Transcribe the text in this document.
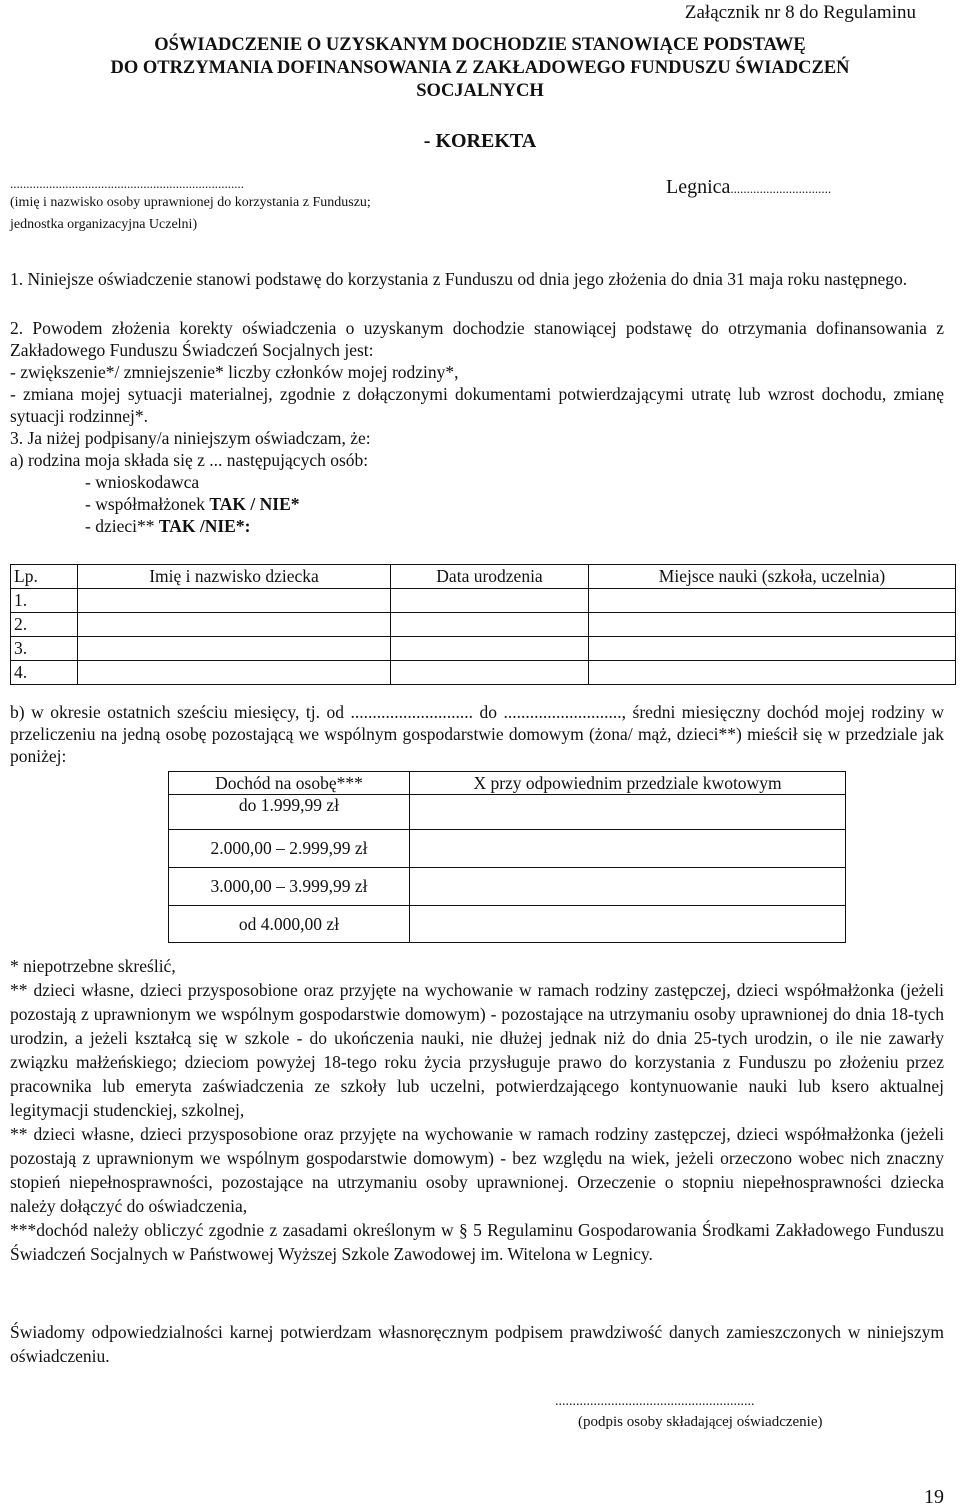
Załącznik nr 8 do Regulaminu
OŚWIADCZENIE O UZYSKANYM DOCHODZIE STANOWIĄCE PODSTAWĘ
DO OTRZYMANIA DOFINANSOWANIA Z ZAKŁADOWEGO FUNDUSZU ŚWIADCZEŃ
SOCJALNYCH
- KOREKTA
........................................................................
(imię i nazwisko osoby uprawnionej do korzystania z Funduszu;
jednostka organizacyjna Uczelni)
Legnica...............................
1. Niniejsze oświadczenie stanowi podstawę do korzystania z Funduszu od dnia jego złożenia do dnia 31 maja roku następnego.
2. Powodem złożenia korekty oświadczenia o uzyskanym dochodzie stanowiącej podstawę do otrzymania dofinansowania z Zakładowego Funduszu Świadczeń Socjalnych jest:
- zwiększenie*/ zmniejszenie* liczby członków mojej rodziny*,
- zmiana mojej sytuacji materialnej, zgodnie z dołączonymi dokumentami potwierdzającymi utratę lub wzrost dochodu, zmianę sytuacji rodzinnej*.
3. Ja niżej podpisany/a niniejszym oświadczam, że:
a) rodzina moja składa się z ... następujących osób:
- wnioskodawca
- współmałżonek TAK / NIE*
- dzieci** TAK /NIE*:
Lp.	Imię i nazwisko dziecka	Data urodzenia	Miejsce nauki (szkoła, uczelnia)
1.			
2.			
3.			
4.			
b) w okresie ostatnich sześciu miesięcy, tj. od ............................ do ..........................., średni miesięczny dochód mojej rodziny w przeliczeniu na jedną osobę pozostającą we wspólnym gospodarstwie domowym (żona/ mąż, dzieci**) mieścił się w przedziale jak poniżej:
Dochód na osobę***	X przy odpowiednim przedziale kwotowym
do 1.999,99 zł	
2.000,00 – 2.999,99 zł	
3.000,00 – 3.999,99 zł	
od 4.000,00 zł	
* niepotrzebne skreślić,
** dzieci własne, dzieci przysposobione oraz przyjęte na wychowanie w ramach rodziny zastępczej, dzieci współmałżonka (jeżeli pozostają z uprawnionym we wspólnym gospodarstwie domowym) - pozostające na utrzymaniu osoby uprawnionej do dnia 18-tych urodzin, a jeżeli kształcą się w szkole - do ukończenia nauki, nie dłużej jednak niż do dnia 25-tych urodzin, o ile nie zawarły związku małżeńskiego; dzieciom powyżej 18-tego roku życia przysługuje prawo do korzystania z Funduszu po złożeniu przez pracownika lub emeryta zaświadczenia ze szkoły lub uczelni, potwierdzającego kontynuowanie nauki lub ksero aktualnej legitymacji studenckiej, szkolnej,
** dzieci własne, dzieci przysposobione oraz przyjęte na wychowanie w ramach rodziny zastępczej, dzieci współmałżonka (jeżeli pozostają z uprawnionym we wspólnym gospodarstwie domowym) - bez względu na wiek, jeżeli orzeczono wobec nich znaczny stopień niepełnosprawności, pozostające na utrzymaniu osoby uprawnionej. Orzeczenie o stopniu niepełnosprawności dziecka należy dołączyć do oświadczenia,
***dochód należy obliczyć zgodnie z zasadami określonym w § 5 Regulaminu Gospodarowania Środkami Zakładowego Funduszu Świadczeń Socjalnych w Państwowej Wyższej Szkole Zawodowej im. Witelona w Legnicy.
Świadomy odpowiedzialności karnej potwierdzam własnoręcznym podpisem prawdziwość danych zamieszczonych w niniejszym oświadczeniu.
.........................................................
(podpis osoby składającej oświadczenie)
19
